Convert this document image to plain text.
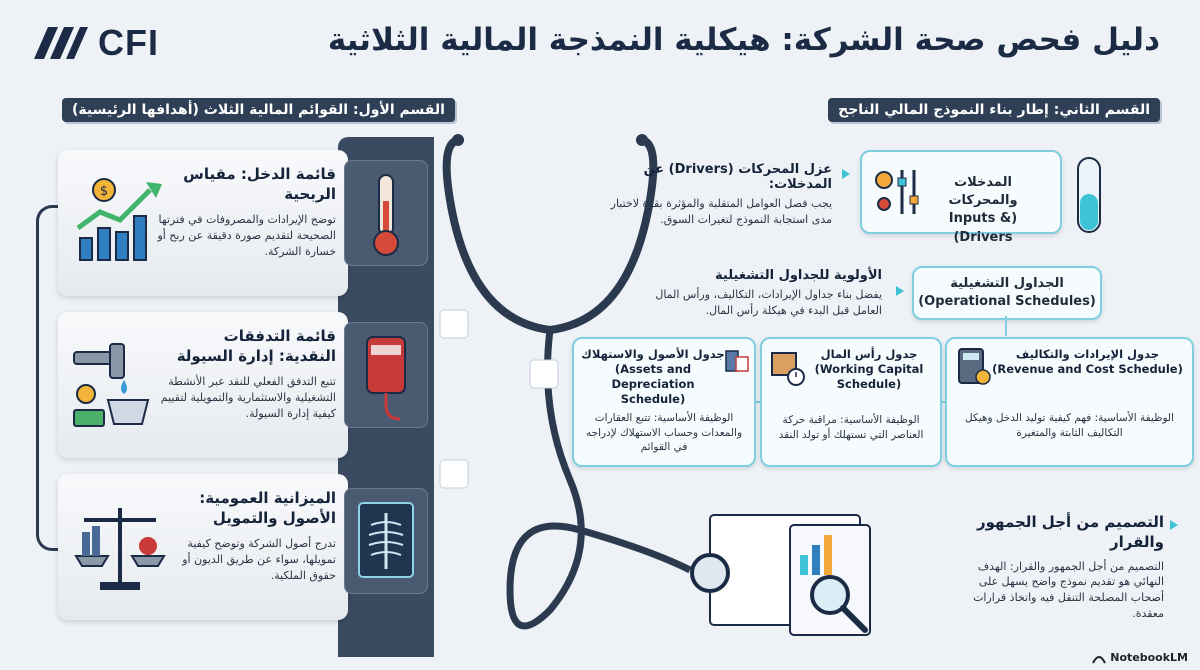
CFI	دليل فحص صحة الشركة: هيكلية النمذجة المالية الثلاثية
القسم الأول: القوائم المالية الثلاث (أهدافها الرئيسية)	القسم الثاني: إطار بناء النموذج المالي الناجح
قائمة الدخل: مقياس الربحية
توضح الإيرادات والمصروفات في فترتها الصحيحة لتقديم صورة دقيقة عن ربح أو خسارة الشركة.
$
قائمة التدفقات النقدية: إدارة السيولة
تتبع التدفق الفعلي للنقد عبر الأنشطة التشغيلية والاستثمارية والتمويلية لتقييم كيفية إدارة السيولة.
الميزانية العمومية: الأصول والتمويل
تدرج أصول الشركة وتوضح كيفية تمويلها، سواء عن طريق الديون أو حقوق الملكية.
المدخلات والمحركات
(Inputs & Drivers)
عزل المحركات (Drivers) عن المدخلات:
يجب فصل العوامل المتقلبة والمؤثرة بقوة لاختبار مدى استجابة النموذج لتغيرات السوق.
الجداول التشغيلية
(Operational Schedules)
الأولوية للجداول التشغيلية
يفضل بناء جداول الإيرادات، التكاليف، ورأس المال العامل قبل البدء في هيكلة رأس المال.
جدول الإيرادات والتكاليف
(Revenue and Cost Schedule)
الوظيفة الأساسية: فهم كيفية توليد الدخل وهيكل التكاليف الثابتة والمتغيرة
جدول رأس المال
(Working Capital Schedule)
الوظيفة الأساسية: مراقبة حركة العناصر التي تستهلك أو تولد النقد
جدول الأصول والاستهلاك
(Assets and Depreciation Schedule)
الوظيفة الأساسية: تتبع العقارات والمعدات وحساب الاستهلاك لإدراجه في القوائم
التصميم من أجل الجمهور والقرار
التصميم من أجل الجمهور والقرار: الهدف النهائي هو تقديم نموذج واضح يسهل على أصحاب المصلحة التنقل فيه واتخاذ قرارات معقدة.
NotebookLM
